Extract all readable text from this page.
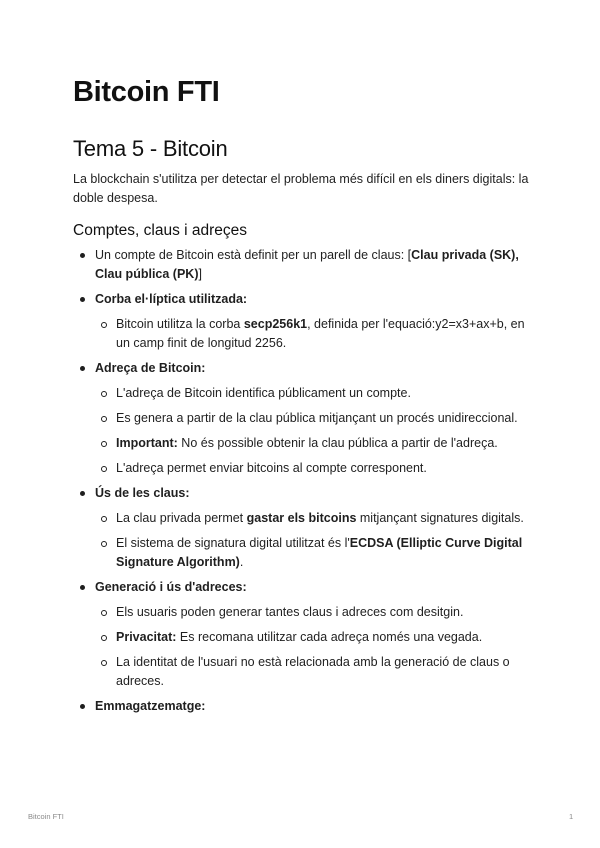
Bitcoin FTI
Tema 5 - Bitcoin

La blockchain s'utilitza per detectar el problema més difícil en els diners digitals: la doble despesa.

Comptes, claus i adreçes
Un compte de Bitcoin està definit per un parell de claus: [Clau privada (SK), Clau pública (PK)]
Corba el·líptica utilitzada:
Bitcoin utilitza la corba secp256k1, definida per l'equació:y2=x3+ax+b, en un camp finit de longitud 2256.
Adreça de Bitcoin:
L'adreça de Bitcoin identifica públicament un compte.
Es genera a partir de la clau pública mitjançant un procés unidireccional.
Important: No és possible obtenir la clau pública a partir de l'adreça.
L'adreça permet enviar bitcoins al compte corresponent.
Ús de les claus:
La clau privada permet gastar els bitcoins mitjançant signatures digitals.
El sistema de signatura digital utilitzat és l'ECDSA (Elliptic Curve Digital Signature Algorithm).
Generació i ús d'adreces:
Els usuaris poden generar tantes claus i adreces com desitgin.
Privacitat: Es recomana utilitzar cada adreça només una vegada.
La identitat de l'usuari no està relacionada amb la generació de claus o adreces.
Emmagatzematge:
Bitcoin FTI	1
